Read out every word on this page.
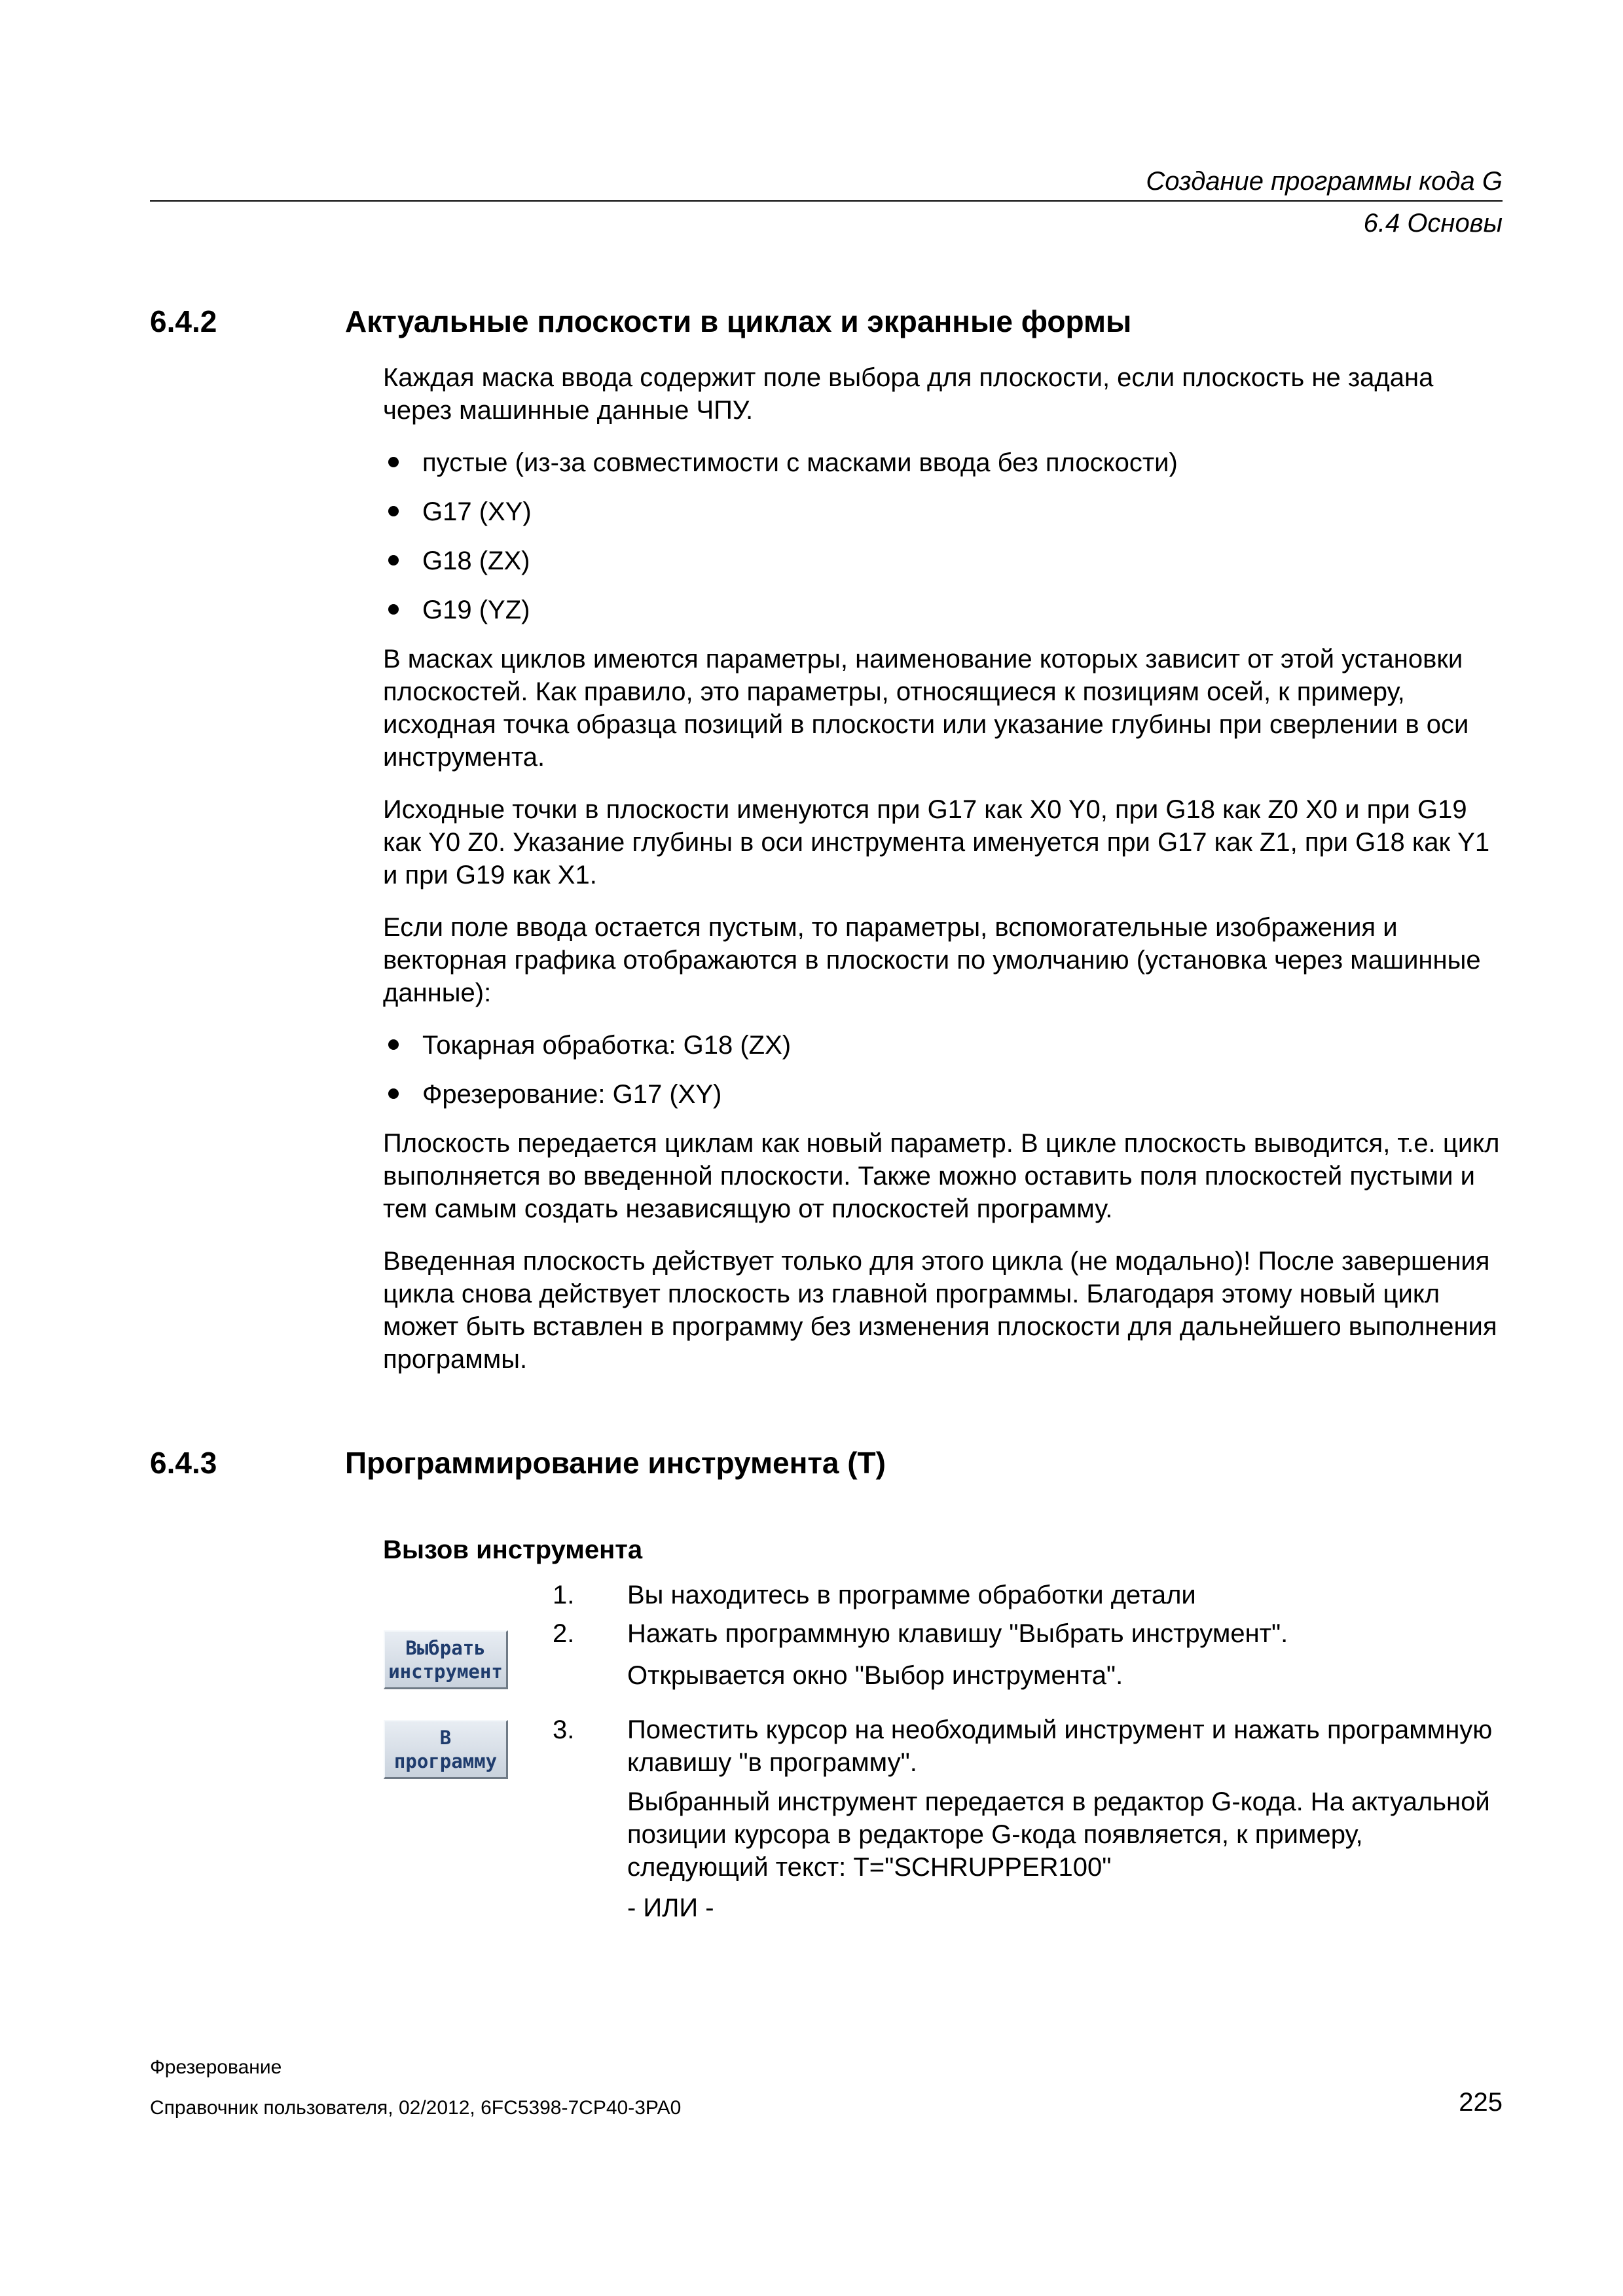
Создание программы кода G
6.4 Основы
6.4.2	Актуальные плоскости в циклах и экранные формы

Каждая маска ввода содержит поле выбора для плоскости, если плоскость не задана через машинные данные ЧПУ.

пустые (из-за совместимости с масками ввода без плоскости)
G17 (XY)
G18 (ZX)
G19 (YZ)

В масках циклов имеются параметры, наименование которых зависит от этой установки плоскостей. Как правило, это параметры, относящиеся к позициям осей, к примеру, исходная точка образца позиций в плоскости или указание глубины при сверлении в оси инструмента.

Исходные точки в плоскости именуются при G17 как X0 Y0, при G18 как Z0 X0 и при G19 как Y0 Z0. Указание глубины в оси инструмента именуется при G17 как Z1, при G18 как Y1 и при G19 как X1.

Если поле ввода остается пустым, то параметры, вспомогательные изображения и векторная графика отображаются в плоскости по умолчанию (установка через машинные данные):

Токарная обработка: G18 (ZX)
Фрезерование: G17 (XY)

Плоскость передается циклам как новый параметр. В цикле плоскость выводится, т.е. цикл выполняется во введенной плоскости. Также можно оставить поля плоскостей пустыми и тем самым создать независящую от плоскостей программу.

Введенная плоскость действует только для этого цикла (не модально)! После завершения цикла снова действует плоскость из главной программы. Благодаря этому новый цикл может быть вставлен в программу без изменения плоскости для дальнейшего выполнения программы.

6.4.3	Программирование инструмента (T)
Вызов инструмента
1. Вы находитесь в программе обработки детали
2. Нажать программную клавишу "Выбрать инструмент".
Открывается окно "Выбор инструмента".
Выбрать
инструмент
3. Поместить курсор на необходимый инструмент и нажать программную клавишу "в программу".
Выбранный инструмент передается в редактор G-кода. На актуальной позиции курсора в редакторе G-кода появляется, к примеру, следующий текст: T="SCHRUPPER100"
- ИЛИ -
В
программу
Фрезерование
Справочник пользователя, 02/2012, 6FC5398-7CP40-3PA0	225
